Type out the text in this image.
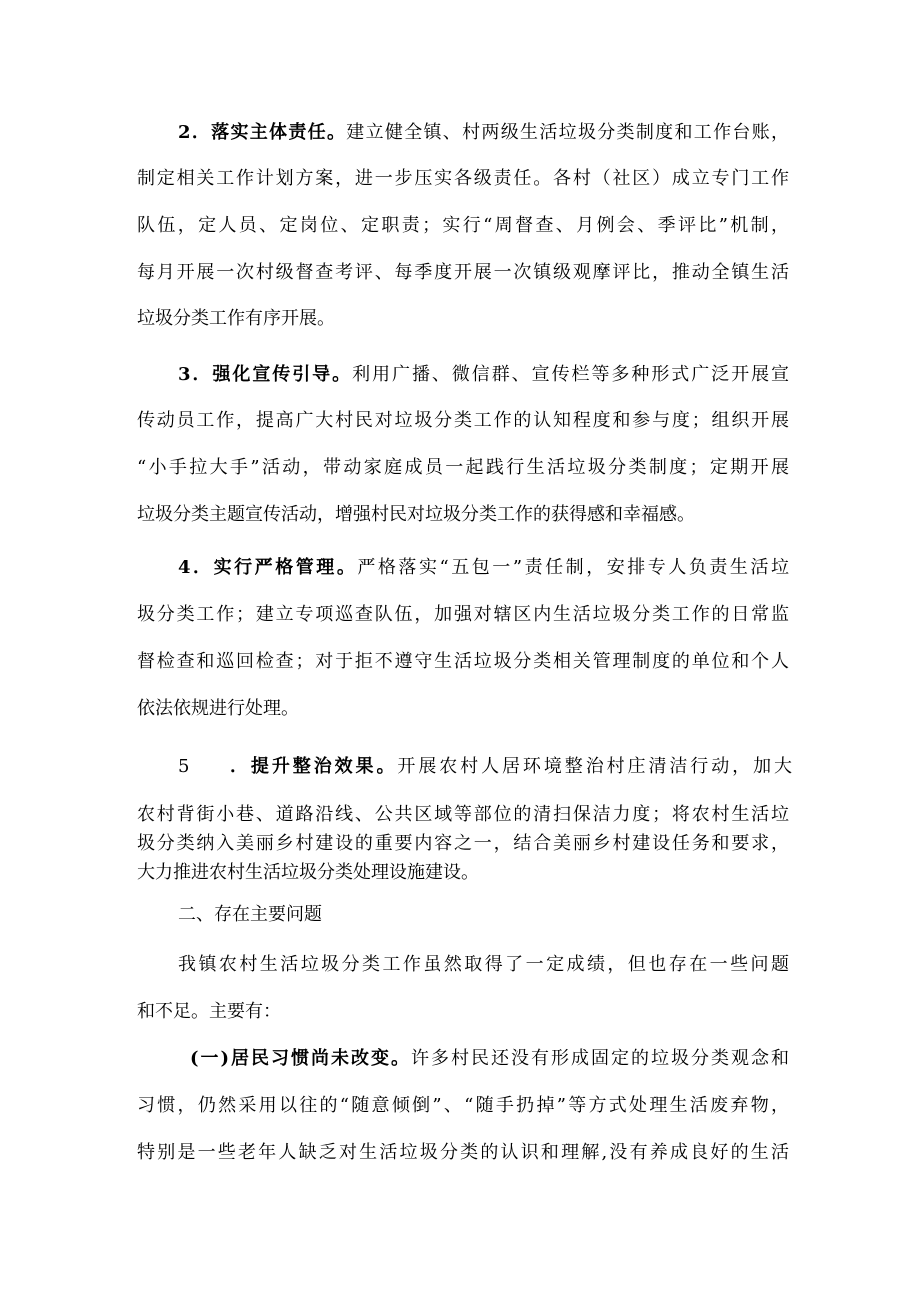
2．落实主体责任。建立健全镇、村两级生活垃圾分类制度和工作台账，
制定相关工作计划方案，进一步压实各级责任。各村（社区）成立专门工作
队伍，定人员、定岗位、定职责；实行“周督查、月例会、季评比”机制，
每月开展一次村级督查考评、每季度开展一次镇级观摩评比，推动全镇生活
垃圾分类工作有序开展。
3．强化宣传引导。利用广播、微信群、宣传栏等多种形式广泛开展宣
传动员工作，提高广大村民对垃圾分类工作的认知程度和参与度；组织开展
“小手拉大手”活动，带动家庭成员一起践行生活垃圾分类制度；定期开展
垃圾分类主题宣传活动，增强村民对垃圾分类工作的获得感和幸福感。
4．实行严格管理。严格落实“五包一”责任制，安排专人负责生活垃
圾分类工作；建立专项巡查队伍，加强对辖区内生活垃圾分类工作的日常监
督检查和巡回检查；对于拒不遵守生活垃圾分类相关管理制度的单位和个人
依法依规进行处理。
5 ．提升整治效果。开展农村人居环境整治村庄清洁行动，加大
农村背街小巷、道路沿线、公共区域等部位的清扫保洁力度；将农村生活垃
圾分类纳入美丽乡村建设的重要内容之一，结合美丽乡村建设任务和要求，
大力推进农村生活垃圾分类处理设施建设。
二、存在主要问题
我镇农村生活垃圾分类工作虽然取得了一定成绩，但也存在一些问题
和不足。主要有：
(一)居民习惯尚未改变。许多村民还没有形成固定的垃圾分类观念和
习惯，仍然采用以往的“随意倾倒”、“随手扔掉”等方式处理生活废弃物，
特别是一些老年人缺乏对生活垃圾分类的认识和理解,没有养成良好的生活
